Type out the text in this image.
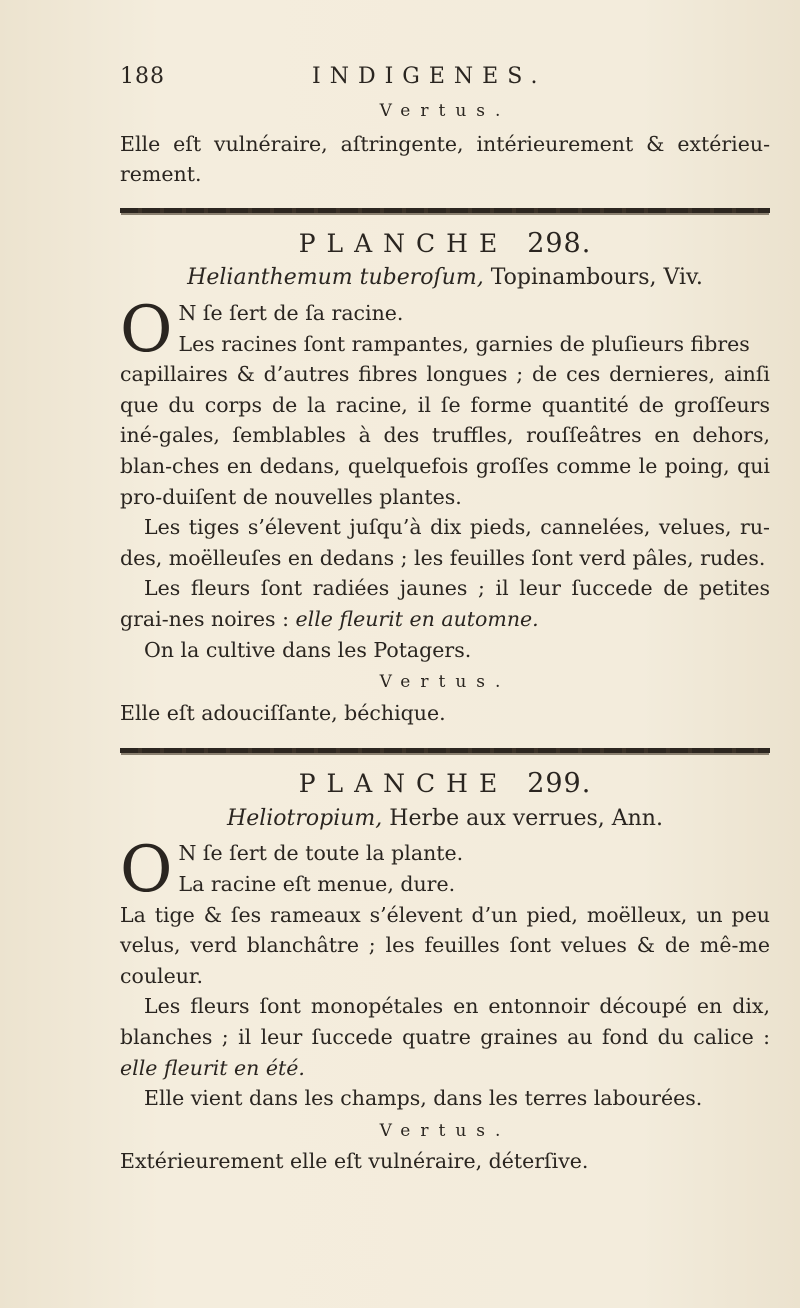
188	INDIGENES.
Vertus.

Elle eſt vulnéraire, aſtringente, intérieurement & extérieu-rement.

PLANCHE 298.
Helianthemum tuberoſum, Topinambours, Viv.
O N ſe ſert de ſa racine.

Les racines ſont rampantes, garnies de pluſieurs fibres

capillaires & d’autres fibres longues ; de ces dernieres, ainſi que du corps de la racine, il ſe forme quantité de groſſeurs iné-gales, ſemblables à des truffles, rouſſeâtres en dehors, blan-ches en dedans, quelquefois groſſes comme le poing, qui pro-duiſent de nouvelles plantes.

Les tiges s’élevent juſqu’à dix pieds, cannelées, velues, ru-des, moëlleuſes en dedans ; les feuilles ſont verd pâles, rudes.

Les fleurs ſont radiées jaunes ; il leur ſuccede de petites grai-nes noires : elle fleurit en automne.

On la cultive dans les Potagers.

Vertus.

Elle eſt adouciſſante, béchique.

PLANCHE 299.
Heliotropium, Herbe aux verrues, Ann.
O N ſe ſert de toute la plante.

La racine eſt menue, dure.

La tige & ſes rameaux s’élevent d’un pied, moëlleux, un peu velus, verd blanchâtre ; les feuilles ſont velues & de mê-me couleur.

Les fleurs ſont monopétales en entonnoir découpé en dix, blanches ; il leur ſuccede quatre graines au fond du calice : elle fleurit en été.

Elle vient dans les champs, dans les terres labourées.

Vertus.

Extérieurement elle eſt vulnéraire, déterſive.
